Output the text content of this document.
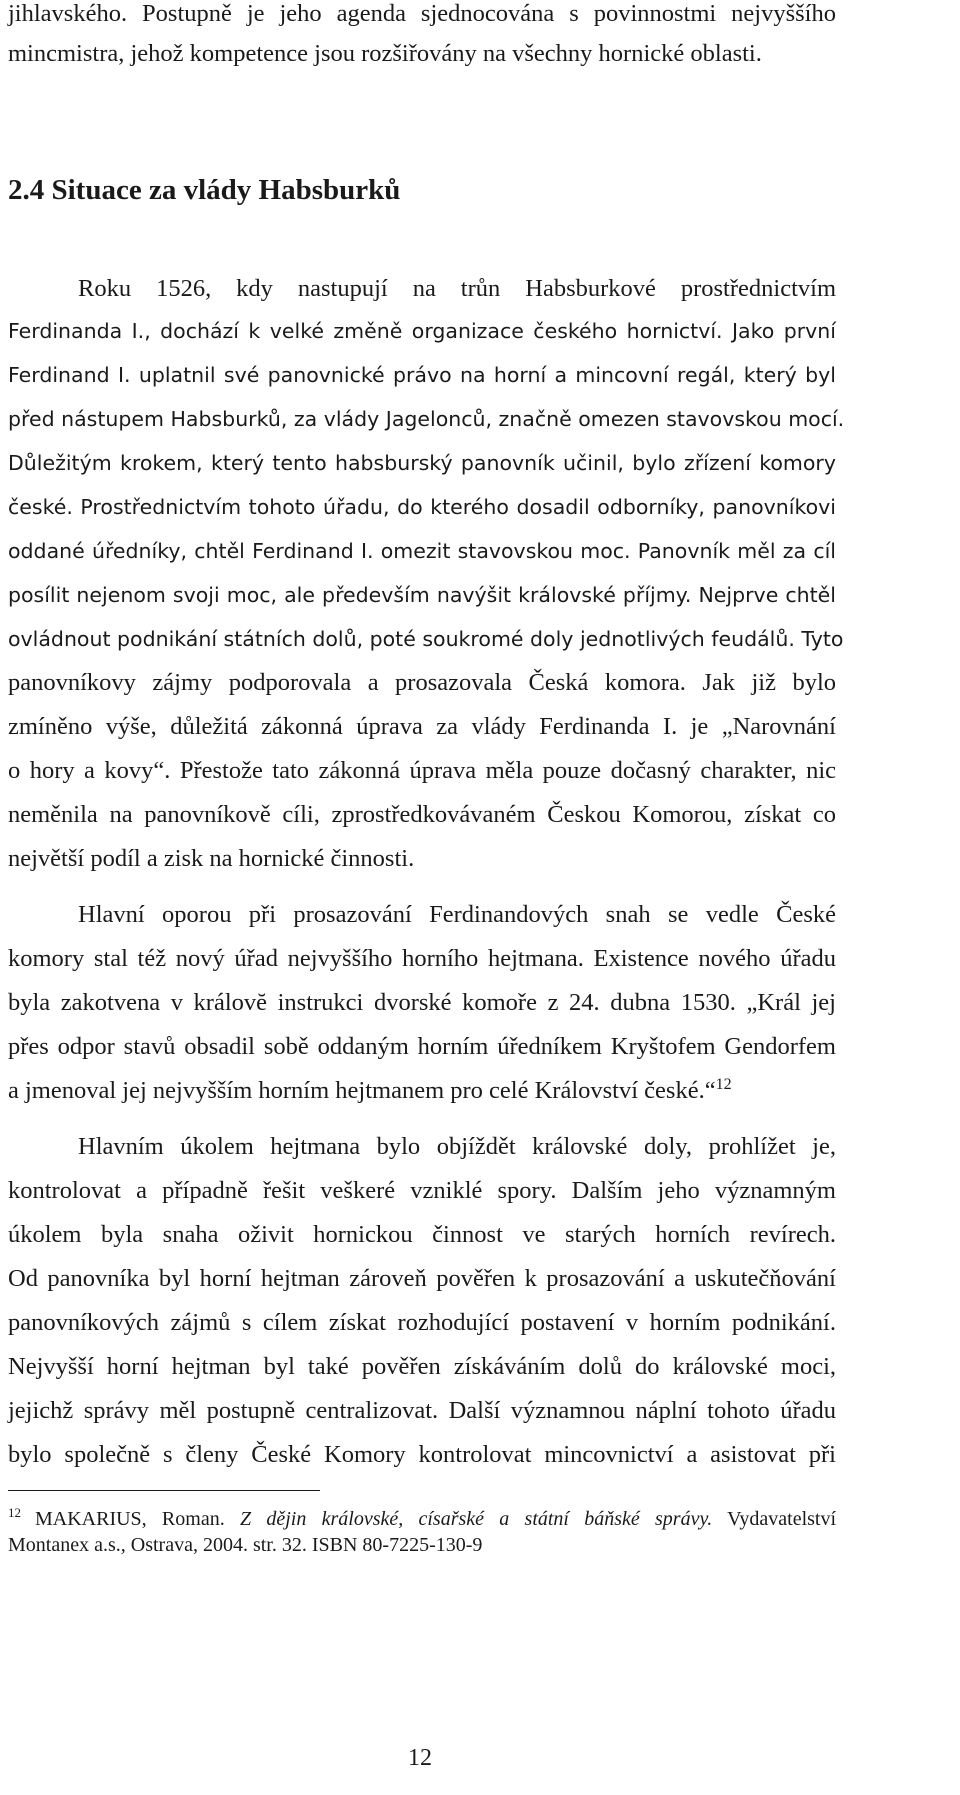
jihlavského. Postupně je jeho agenda sjednocována s povinnostmi nejvyššího
mincmistra, jehož kompetence jsou rozšiřovány na všechny hornické oblasti.
2.4 Situace za vlády Habsburků
Roku 1526, kdy nastupují na trůn Habsburkové prostřednictvím
Ferdinanda I., dochází k velké změně organizace českého hornictví. Jako první
Ferdinand I. uplatnil své panovnické právo na horní a mincovní regál, který byl
před nástupem Habsburků, za vlády Jagelonců, značně omezen stavovskou mocí.
Důležitým krokem, který tento habsburský panovník učinil, bylo zřízení komory
české. Prostřednictvím tohoto úřadu, do kterého dosadil odborníky, panovníkovi
oddané úředníky, chtěl Ferdinand I. omezit stavovskou moc. Panovník měl za cíl
posílit nejenom svoji moc, ale především navýšit královské příjmy. Nejprve chtěl
ovládnout podnikání státních dolů, poté soukromé doly jednotlivých feudálů. Tyto
panovníkovy zájmy podporovala a prosazovala Česká komora. Jak již bylo
zmíněno výše, důležitá zákonná úprava za vlády Ferdinanda I. je „Narovnání
o hory a kovy“. Přestože tato zákonná úprava měla pouze dočasný charakter, nic
neměnila na panovníkově cíli, zprostředkovávaném Českou Komorou, získat co
největší podíl a zisk na hornické činnosti.
Hlavní oporou při prosazování Ferdinandových snah se vedle České
komory stal též nový úřad nejvyššího horního hejtmana. Existence nového úřadu
byla zakotvena v královĕ instrukci dvorské komoře z 24. dubna 1530. „Král jej
přes odpor stavů obsadil sobě oddaným horním úředníkem Kryštofem Gendorfem
a jmenoval jej nejvyšším horním hejtmanem pro celé Království české.“$^{12}$
Hlavním úkolem hejtmana bylo objíždět královské doly, prohlížet je,
kontrolovat a případně řešit veškeré vzniklé spory. Dalším jeho významným
úkolem byla snaha oživit hornickou činnost ve starých horních revírech.
Od panovníka byl horní hejtman zároveň pověřen k prosazování a uskutečňování
panovníkových zájmů s cílem získat rozhodující postavení v horním podnikání.
Nejvyšší horní hejtman byl také pověřen získáváním dolů do královské moci,
jejichž správy měl postupně centralizovat. Další významnou náplní tohoto úřadu
bylo společně s členy České Komory kontrolovat mincovnictví a asistovat při
$^{12}$ MAKARIUS, Roman. Z dějin královské, císařské a státní báňské správy. Vydavatelství
Montanex a.s., Ostrava, 2004. str. 32. ISBN 80-7225-130-9
12
